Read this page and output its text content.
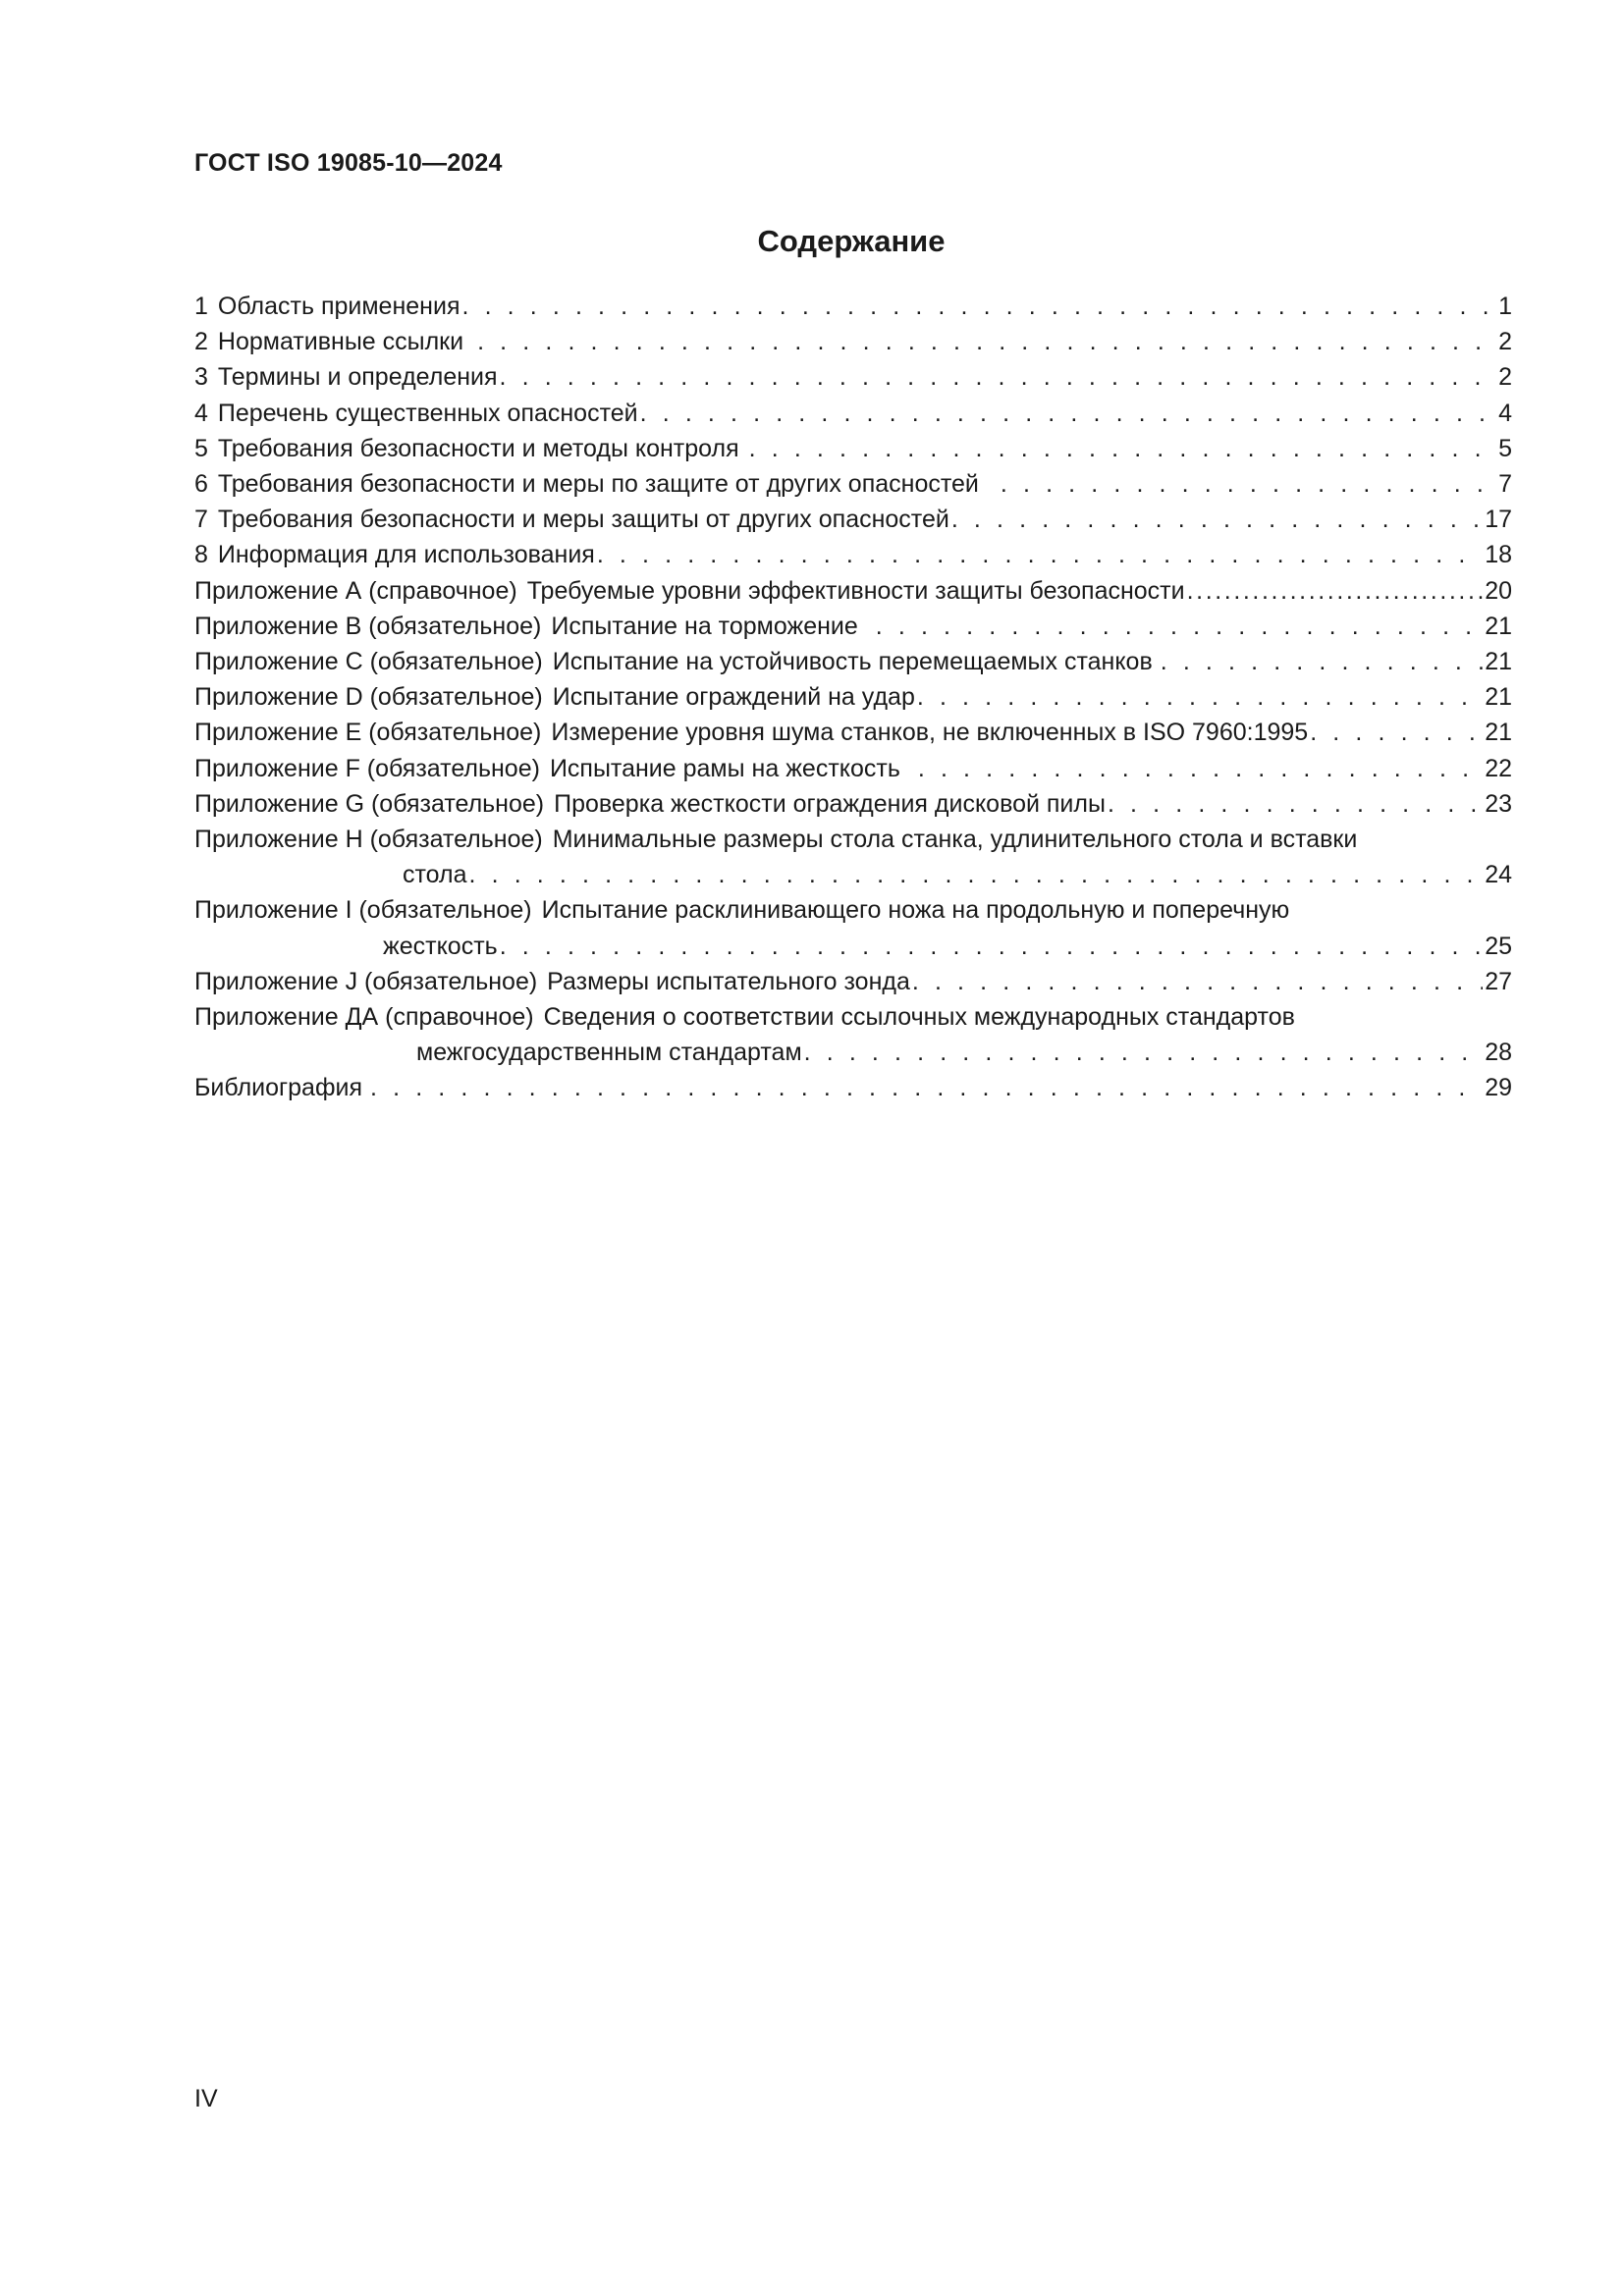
ГОСТ ISO 19085-10—2024

Содержание
1 Область применения . . .	1
2 Нормативные ссылки . . .	2
3 Термины и определения . . .	2
4 Перечень существенных опасностей . . .	4
5 Требования безопасности и методы контроля . . .	5
6 Требования безопасности и меры по защите от других опасностей . . .	7
7 Требования безопасности и меры защиты от других опасностей . . .	17
8 Информация для использования . . .	18
Приложение А (справочное) Требуемые уровни эффективности защиты безопасности .....	20
Приложение В (обязательное) Испытание на торможение . . .	21
Приложение С (обязательное) Испытание на устойчивость перемещаемых станков . . .	21
Приложение D (обязательное) Испытание ограждений на удар . . .	21
Приложение Е (обязательное) Измерение уровня шума станков, не включенных в ISO 7960:1995 . . .	21
Приложение F (обязательное) Испытание рамы на жесткость . . .	22
Приложение G (обязательное) Проверка жесткости ограждения дисковой пилы . . .	23
Приложение Н (обязательное) Минимальные размеры стола станка, удлинительного стола и вставки
стола . . .	24
Приложение I (обязательное) Испытание расклинивающего ножа на продольную и поперечную
жесткость . . .	25
Приложение J (обязательное) Размеры испытательного зонда . . .	27
Приложение ДА (справочное) Сведения о соответствии ссылочных международных стандартов
межгосударственным стандартам . . .	28
Библиография . . .	29

IV
